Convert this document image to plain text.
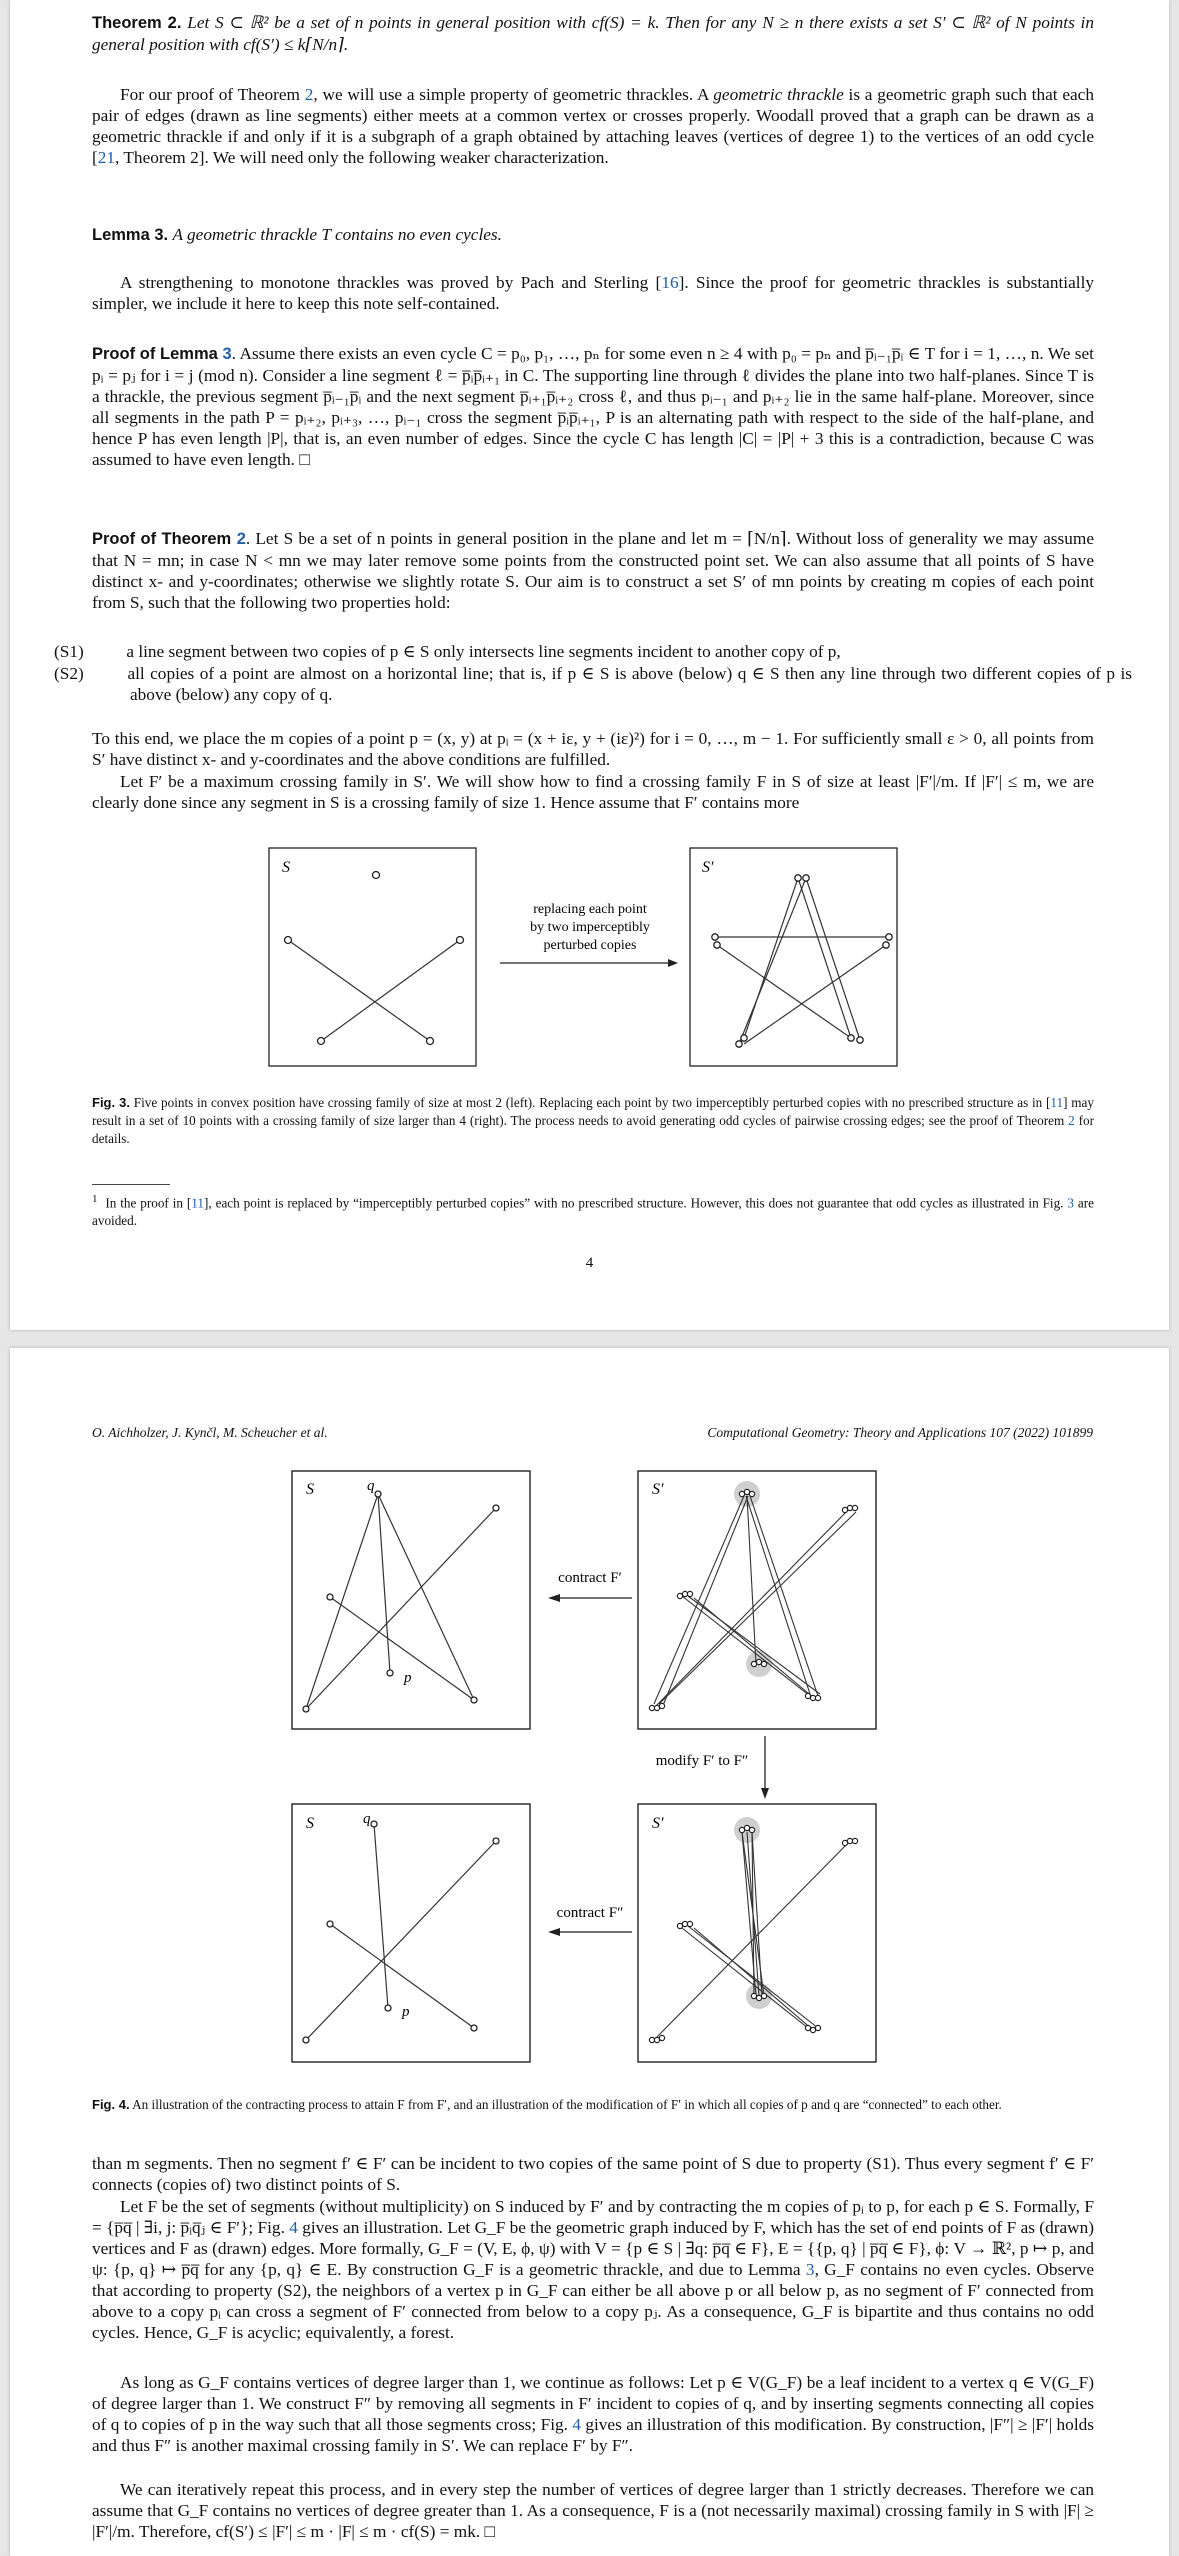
Theorem 2. Let S ⊂ ℝ² be a set of n points in general position with cf(S) = k. Then for any N ≥ n there exists a set S′ ⊂ ℝ² of N points in general position with cf(S′) ≤ k⌈N/n⌉.

For our proof of Theorem 2, we will use a simple property of geometric thrackles. A geometric thrackle is a geometric graph such that each pair of edges (drawn as line segments) either meets at a common vertex or crosses properly. Woodall proved that a graph can be drawn as a geometric thrackle if and only if it is a subgraph of a graph obtained by attaching leaves (vertices of degree 1) to the vertices of an odd cycle [21, Theorem 2]. We will need only the following weaker characterization.

Lemma 3. A geometric thrackle T contains no even cycles.

A strengthening to monotone thrackles was proved by Pach and Sterling [16]. Since the proof for geometric thrackles is substantially simpler, we include it here to keep this note self-contained.

Proof of Lemma 3. Assume there exists an even cycle C = p₀, p₁, …, pₙ for some even n ≥ 4 with p₀ = pₙ and p̅ᵢ₋₁p̅ᵢ ∈ T for i = 1, …, n. We set pᵢ = pⱼ for i = j (mod n). Consider a line segment ℓ = p̅ᵢp̅ᵢ₊₁ in C. The supporting line through ℓ divides the plane into two half-planes. Since T is a thrackle, the previous segment p̅ᵢ₋₁p̅ᵢ and the next segment p̅ᵢ₊₁p̅ᵢ₊₂ cross ℓ, and thus pᵢ₋₁ and pᵢ₊₂ lie in the same half-plane. Moreover, since all segments in the path P = pᵢ₊₂, pᵢ₊₃, …, pᵢ₋₁ cross the segment p̅ᵢp̅ᵢ₊₁, P is an alternating path with respect to the side of the half-plane, and hence P has even length |P|, that is, an even number of edges. Since the cycle C has length |C| = |P| + 3 this is a contradiction, because C was assumed to have even length. □

Proof of Theorem 2. Let S be a set of n points in general position in the plane and let m = ⌈N/n⌉. Without loss of generality we may assume that N = mn; in case N < mn we may later remove some points from the constructed point set. We can also assume that all points of S have distinct x- and y-coordinates; otherwise we slightly rotate S. Our aim is to construct a set S′ of mn points by creating m copies of each point from S, such that the following two properties hold:

(S1) a line segment between two copies of p ∈ S only intersects line segments incident to another copy of p,

(S2)	all copies of a point are almost on a horizontal line; that is, if p ∈ S is above (below) q ∈ S then any line through two different copies of p is above (below) any copy of q.

To this end, we place the m copies of a point p = (x, y) at pᵢ = (x + iε, y + (iε)²) for i = 0, …, m − 1. For sufficiently small ε > 0, all points from S′ have distinct x- and y-coordinates and the above conditions are fulfilled.

Let F′ be a maximum crossing family in S′. We will show how to find a crossing family F in S of size at least |F′|/m. If |F′| ≤ m, we are clearly done since any segment in S is a crossing family of size 1. Hence assume that F′ contains more

S	S′
replacing each point
by two imperceptibly
perturbed copies

Fig. 3. Five points in convex position have crossing family of size at most 2 (left). Replacing each point by two imperceptibly perturbed copies with no prescribed structure as in [11] may result in a set of 10 points with a crossing family of size larger than 4 (right). The process needs to avoid generating odd cycles of pairwise crossing edges; see the proof of Theorem 2 for details.

$^1$ In the proof in [11], each point is replaced by “imperceptibly perturbed copies” with no prescribed structure. However, this does not guarantee that odd cycles as illustrated in Fig. 3 are avoided.

4
O. Aichholzer, J. Kynčl, M. Scheucher et al.	Computational Geometry: Theory and Applications 107 (2022) 101899
S	S′
S	S′
q
p
contract F′
modify F′ to F″
q
p
contract F″

Fig. 4. An illustration of the contracting process to attain F from F′, and an illustration of the modification of F′ in which all copies of p and q are “connected” to each other.

than m segments. Then no segment f′ ∈ F′ can be incident to two copies of the same point of S due to property (S1). Thus every segment f′ ∈ F′ connects (copies of) two distinct points of S.

Let F be the set of segments (without multiplicity) on S induced by F′ and by contracting the m copies of pᵢ to p, for each p ∈ S. Formally, F = {p̅q̅ | ∃i, j: p̅ᵢq̅ⱼ ∈ F′}; Fig. 4 gives an illustration. Let G_F be the geometric graph induced by F, which has the set of end points of F as (drawn) vertices and F as (drawn) edges. More formally, G_F = (V, E, ϕ, ψ) with V = {p ∈ S | ∃q: p̅q̅ ∈ F}, E = {{p, q} | p̅q̅ ∈ F}, ϕ: V → ℝ², p ↦ p, and ψ: {p, q} ↦ p̅q̅ for any {p, q} ∈ E. By construction G_F is a geometric thrackle, and due to Lemma 3, G_F contains no even cycles. Observe that according to property (S2), the neighbors of a vertex p in G_F can either be all above p or all below p, as no segment of F′ connected from above to a copy pᵢ can cross a segment of F′ connected from below to a copy pⱼ. As a consequence, G_F is bipartite and thus contains no odd cycles. Hence, G_F is acyclic; equivalently, a forest.

As long as G_F contains vertices of degree larger than 1, we continue as follows: Let p ∈ V(G_F) be a leaf incident to a vertex q ∈ V(G_F) of degree larger than 1. We construct F″ by removing all segments in F′ incident to copies of q, and by inserting segments connecting all copies of q to copies of p in the way such that all those segments cross; Fig. 4 gives an illustration of this modification. By construction, |F″| ≥ |F′| holds and thus F″ is another maximal crossing family in S′. We can replace F′ by F″.

We can iteratively repeat this process, and in every step the number of vertices of degree larger than 1 strictly decreases. Therefore we can assume that G_F contains no vertices of degree greater than 1. As a consequence, F is a (not necessarily maximal) crossing family in S with |F| ≥ |F′|/m. Therefore, cf(S′) ≤ |F′| ≤ m · |F| ≤ m · cf(S) = mk. □
